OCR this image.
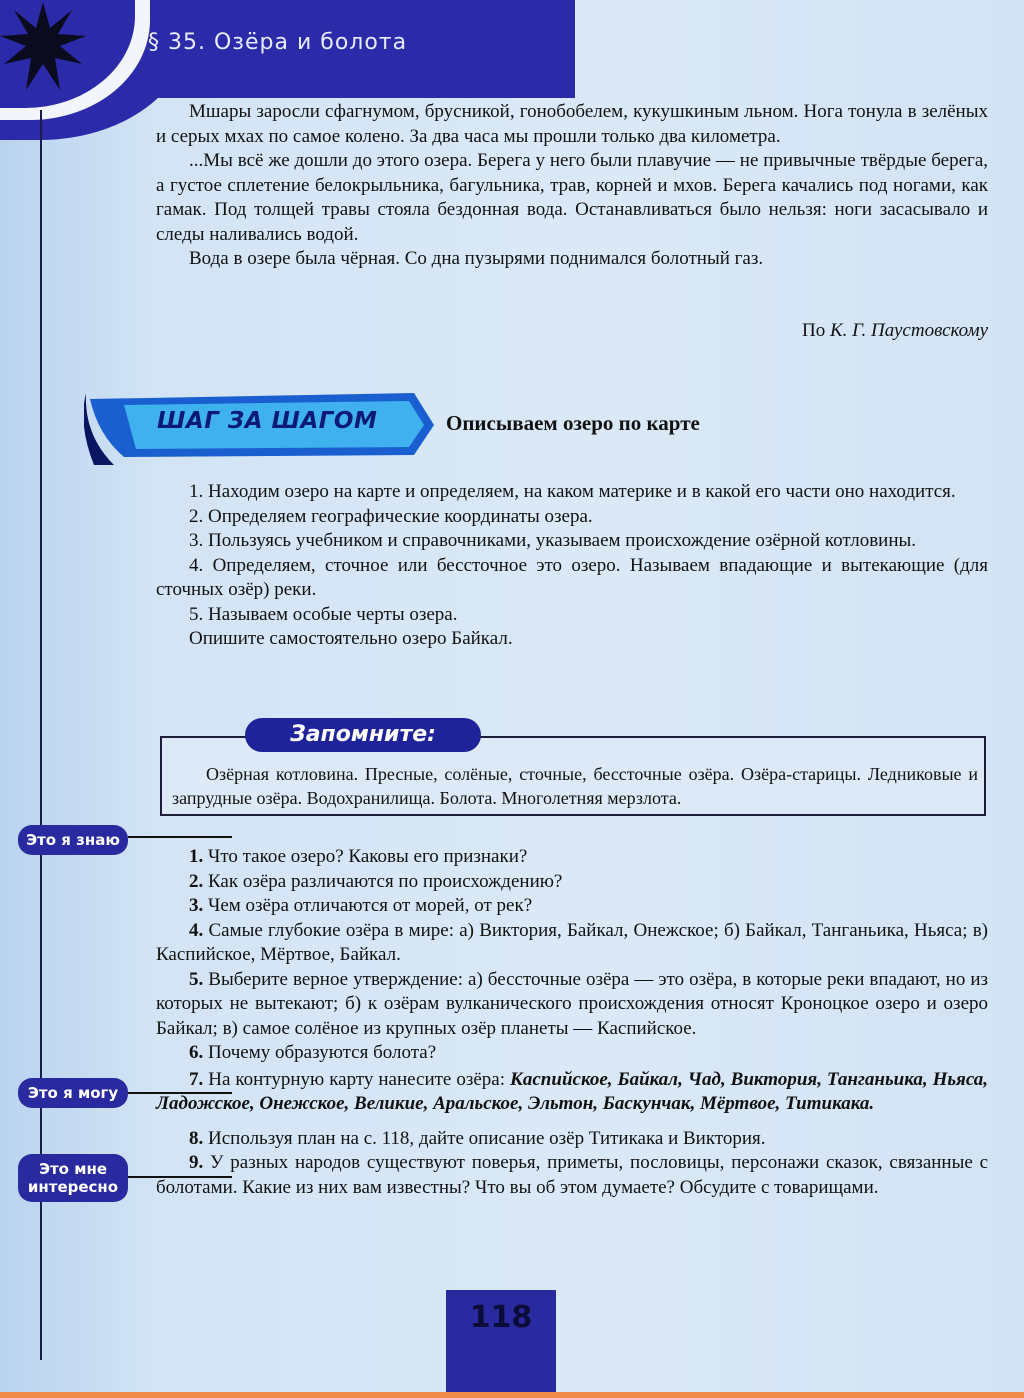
§ 35. Озёра и болота

Мшары заросли сфагнумом, брусникой, гонобобелем, кукушкиным льном. Нога тонула в зелёных и серых мхах по самое колено. За два часа мы прошли только два километра.

...Мы всё же дошли до этого озера. Берега у него были плавучие — не привычные твёрдые берега, а густое сплетение белокрыльника, багульника, трав, корней и мхов. Берега качались под ногами, как гамак. Под толщей травы стояла бездонная вода. Останавливаться было нельзя: ноги засасывало и следы наливались водой.

Вода в озере была чёрная. Со дна пузырями поднимался болотный газ.

По К. Г. Паустовскому
ШАГ ЗА ШАГОМ	Описываем озеро по карте

1. Находим озеро на карте и определяем, на каком материке и в какой его части оно находится.

2. Определяем географические координаты озера.

3. Пользуясь учебником и справочниками, указываем происхождение озёрной котловины.

4. Определяем, сточное или бессточное это озеро. Называем впадающие и вытекающие (для сточных озёр) реки.

5. Называем особые черты озера.

Опишите самостоятельно озеро Байкал.

Запомните:

Озёрная котловина. Пресные, солёные, сточные, бессточные озёра. Озёра-старицы. Ледниковые и запрудные озёра. Водохранилища. Болота. Многолетняя мерзлота.

Это я знаю
Это я могу
Это мне
интересно

1. Что такое озеро? Каковы его признаки?

2. Как озёра различаются по происхождению?

3. Чем озёра отличаются от морей, от рек?

4. Самые глубокие озёра в мире: а) Виктория, Байкал, Онежское; б) Байкал, Танганьика, Ньяса; в) Каспийское, Мёртвое, Байкал.

5. Выберите верное утверждение: а) бессточные озёра — это озёра, в которые реки впадают, но из которых не вытекают; б) к озёрам вулканического происхождения относят Кроноцкое озеро и озеро Байкал; в) самое солёное из крупных озёр планеты — Каспийское.

6. Почему образуются болота?

7. На контурную карту нанесите озёра: Каспийское, Байкал, Чад, Виктория, Танганьика, Ньяса, Ладожское, Онежское, Великие, Аральское, Эльтон, Баскунчак, Мёртвое, Титикака.

8. Используя план на с. 118, дайте описание озёр Титикака и Виктория.

9. У разных народов существуют поверья, приметы, пословицы, персонажи сказок, связанные с болотами. Какие из них вам известны? Что вы об этом думаете? Обсудите с товарищами.

118
